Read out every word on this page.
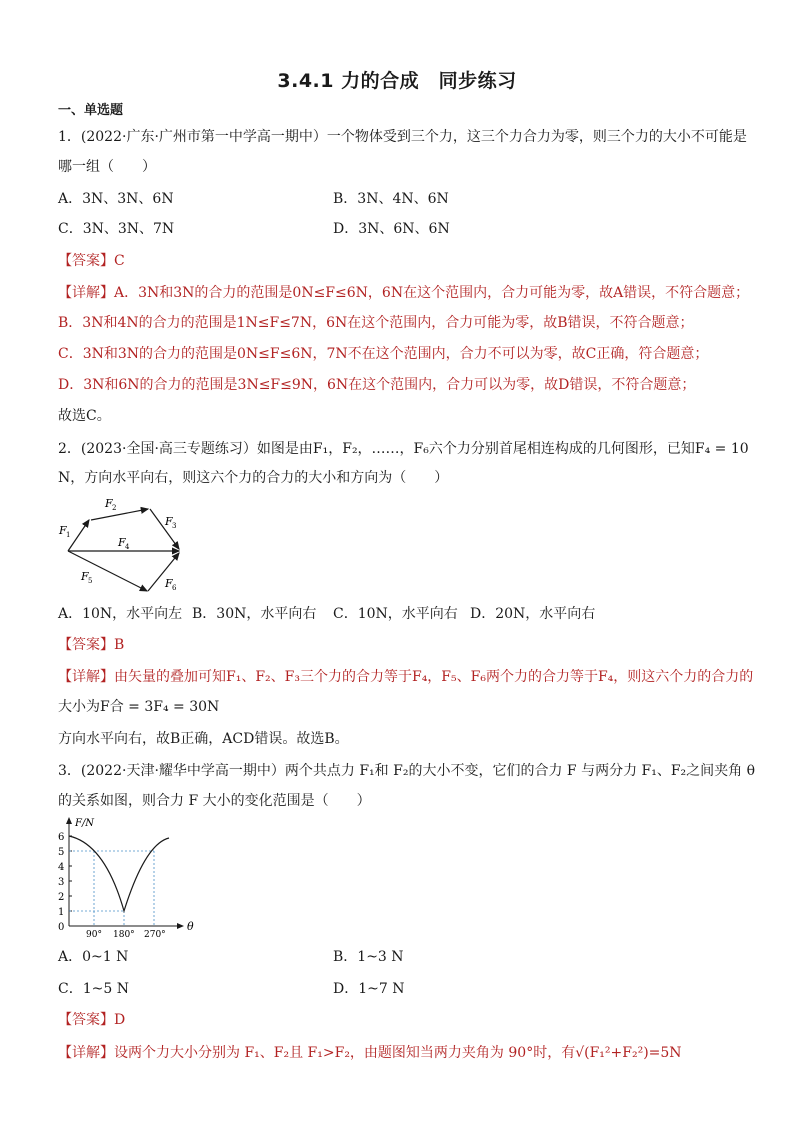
3.4.1 力的合成　同步练习
一、单选题
1．(2022·广东·广州市第一中学高一期中）一个物体受到三个力，这三个力合力为零，则三个力的大小不可能是
哪一组（　　）
A．3N、3N、6N	B．3N、4N、6N
C．3N、3N、7N	D．3N、6N、6N
【答案】C
【详解】A．3N和3N的合力的范围是0N≤F≤6N，6N在这个范围内，合力可能为零，故A错误，不符合题意；
B．3N和4N的合力的范围是1N≤F≤7N，6N在这个范围内，合力可能为零，故B错误，不符合题意；
C．3N和3N的合力的范围是0N≤F≤6N，7N不在这个范围内，合力不可以为零，故C正确，符合题意；
D．3N和6N的合力的范围是3N≤F≤9N，6N在这个范围内，合力可以为零，故D错误，不符合题意；
故选C。
2．(2023·全国·高三专题练习）如图是由F₁，F₂，……，F₆六个力分别首尾相连构成的几何图形，已知F₄ = 10
N，方向水平向右，则这六个力的合力的大小和方向为（　　）
F 1
F 2
F 3
F 4
F 5	F 6
A．10N，水平向左 B．30N，水平向右 C．10N，水平向右 D．20N，水平向右
【答案】B
【详解】由矢量的叠加可知F₁、F₂、F₃三个力的合力等于F₄，F₅、F₆两个力的合力等于F₄，则这六个力的合力的
大小为F合 = 3F₄ = 30N
方向水平向右，故B正确，ACD错误。故选B。
3．(2022·天津·耀华中学高一期中）两个共点力 F₁和 F₂的大小不变，它们的合力 F 与两分力 F₁、F₂之间夹角 θ
的关系如图，则合力 F 大小的变化范围是（　　）
0
1
2
3
4
5
6
F/N
θ
90° 180° 270°
A．0~1 N	B．1~3 N
C．1~5 N	D．1~7 N
【答案】D
【详解】设两个力大小分别为 F₁、F₂且 F₁>F₂，由题图知当两力夹角为 90°时，有√(F₁²+F₂²)=5N
